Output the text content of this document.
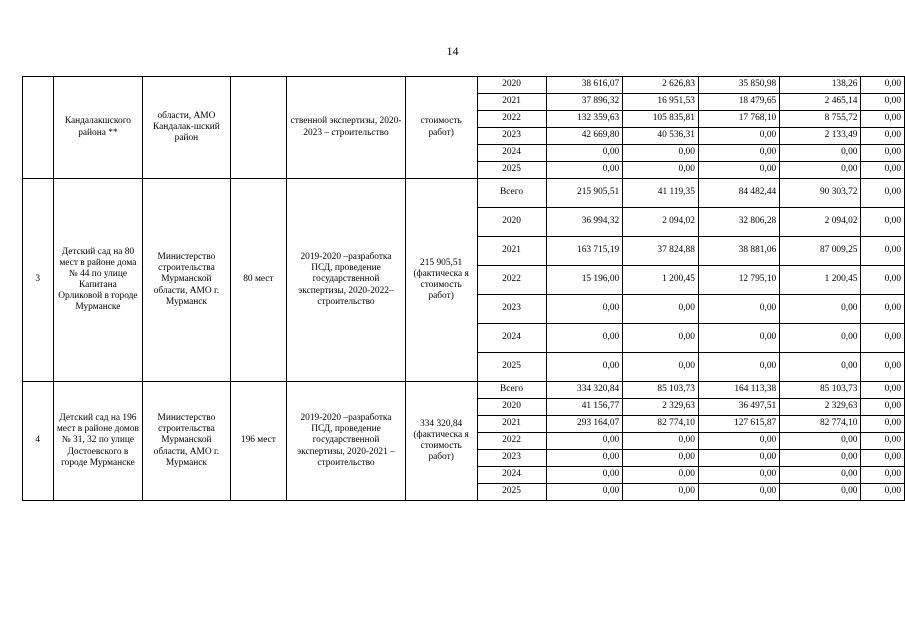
14
	Кандалакшского района **	области, АМО Кандалак-шский район		ственной экспертизы, 2020-2023 – строительство	стоимость работ)	2020	38 616,07	2 626,83	35 850,98	138,26	0,00
						2021	37 896,32	16 951,53	18 479,65	2 465,14	0,00
						2022	132 359,63	105 835,81	17 768,10	8 755,72	0,00
						2023	42 669,80	40 536,31	0,00	2 133,49	0,00
						2024	0,00	0,00	0,00	0,00	0,00
						2025	0,00	0,00	0,00	0,00	0,00
3	Детский сад на 80 мест в районе дома № 44 по улице Капитана Орликовой в городе Мурманске	Министерство строительства Мурманской области, АМО г. Мурманск	80 мест	2019-2020 –разработка ПСД, проведение государственной экспертизы, 2020-2022– строительство	215 905,51 (фактическа я стоимость работ)	Всего	215 905,51	41 119,35	84 482,44	90 303,72	0,00
						2020	36 994,32	2 094,02	32 806,28	2 094,02	0,00
						2021	163 715,19	37 824,88	38 881,06	87 009,25	0,00
						2022	15 196,00	1 200,45	12 795,10	1 200,45	0,00
						2023	0,00	0,00	0,00	0,00	0,00
						2024	0,00	0,00	0,00	0,00	0,00
						2025	0,00	0,00	0,00	0,00	0,00
4	Детский сад на 196 мест в районе домов № 31, 32 по улице Достоевского в городе Мурманске	Министерство строительства Мурманской области, АМО г. Мурманск	196 мест	2019-2020 –разработка ПСД, проведение государственной экспертизы, 2020-2021 – строительство	334 320,84 (фактическа я стоимость работ)	Всего	334 320,84	85 103,73	164 113,38	85 103,73	0,00
						2020	41 156,77	2 329,63	36 497,51	2 329,63	0,00
						2021	293 164,07	82 774,10	127 615,87	82 774,10	0,00
						2022	0,00	0,00	0,00	0,00	0,00
						2023	0,00	0,00	0,00	0,00	0,00
						2024	0,00	0,00	0,00	0,00	0,00
						2025	0,00	0,00	0,00	0,00	0,00
